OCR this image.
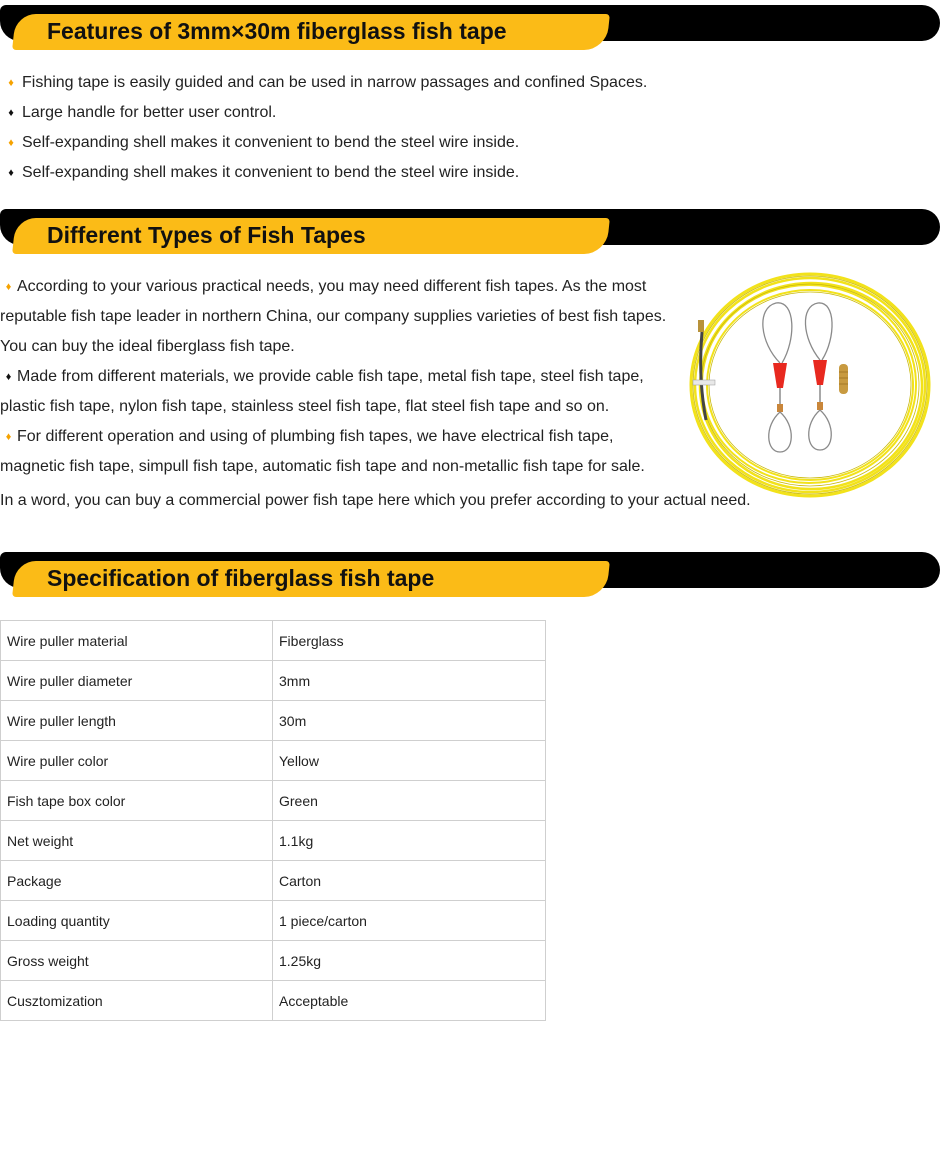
Features of 3mm×30m fiberglass fish tape
♦ Fishing tape is easily guided and can be used in narrow passages and confined Spaces.
♦ Large handle for better user control.
♦ Self-expanding shell makes it convenient to bend the steel wire inside.
♦ Self-expanding shell makes it convenient to bend the steel wire inside.
Different Types of Fish Tapes

♦ According to your various practical needs, you may need different fish tapes. As the most
reputable fish tape leader in northern China, our company supplies varieties of best fish tapes.
You can buy the ideal fiberglass fish tape.

♦ Made from different materials, we provide cable fish tape, metal fish tape, steel fish tape,
plastic fish tape, nylon fish tape, stainless steel fish tape, flat steel fish tape and so on.

♦ For different operation and using of plumbing fish tapes, we have electrical fish tape,
magnetic fish tape, simpull fish tape, automatic fish tape and non-metallic fish tape for sale.

In a word, you can buy a commercial power fish tape here which you prefer according to your actual need.
Specification of fiberglass fish tape
Wire puller material	Fiberglass
Wire puller diameter	3mm
Wire puller length	30m
Wire puller color	Yellow
Fish tape box color	Green
Net weight	1.1kg
Package	Carton
Loading quantity	1 piece/carton
Gross weight	1.25kg
Cusztomization	Acceptable
